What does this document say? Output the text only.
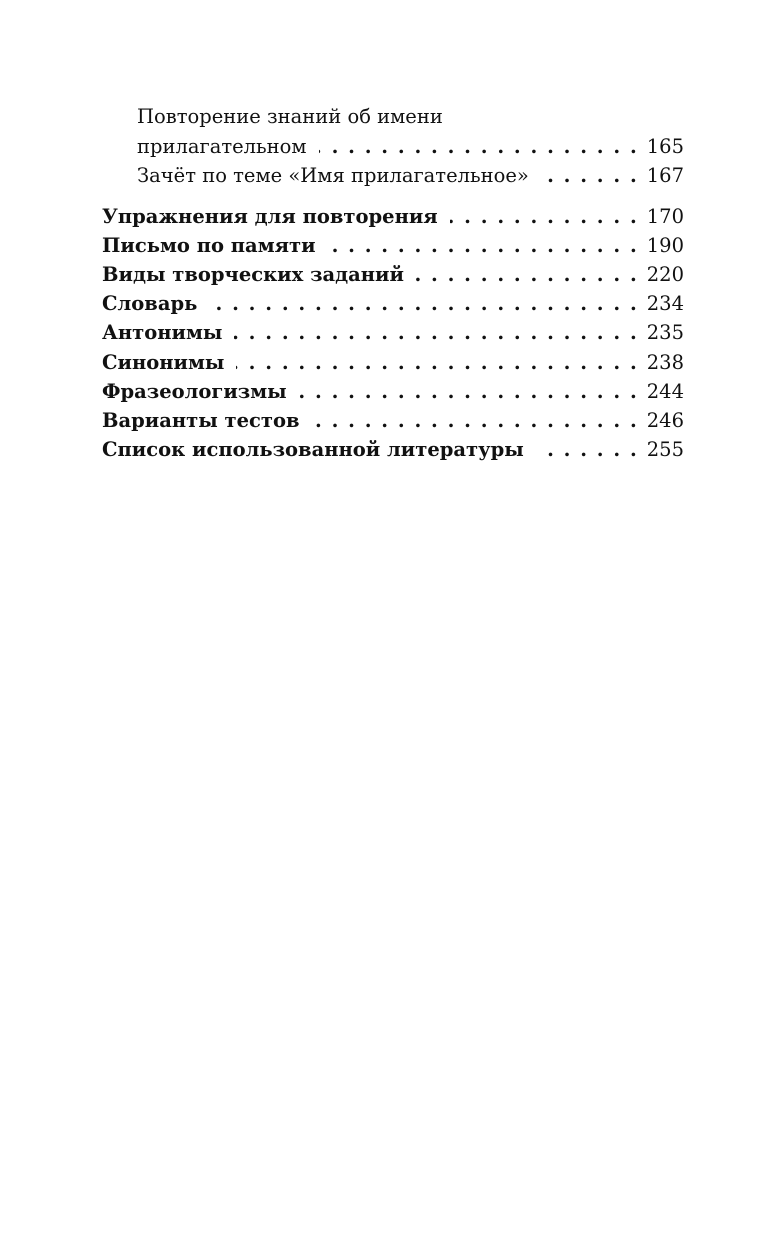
Повторение знаний об имени
прилагательном . . .	165
Зачёт по теме «Имя прилагательное» . . .	167
Упражнения для повторения . . .	170
Письмо по памяти . . .	190
Виды творческих заданий . . .	220
Словарь . . .	234
Антонимы . . .	235
Синонимы . . .	238
Фразеологизмы . . .	244
Варианты тестов . . .	246
Список использованной литературы . . .	255
